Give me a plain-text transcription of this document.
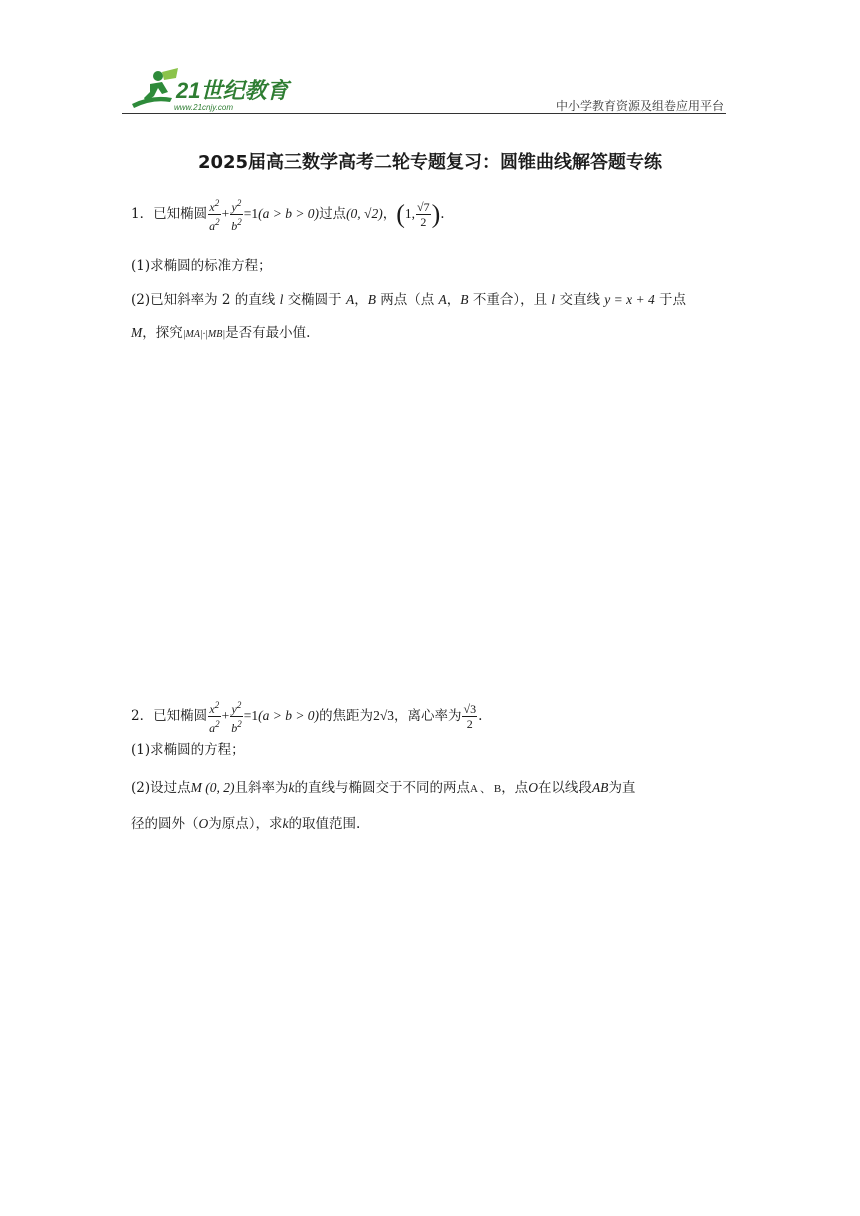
21世纪教育
www.21cnjy.com	中小学教育资源及组卷应用平台
2025届高三数学高考二轮专题复习：圆锥曲线解答题专练
1．已知椭圆 $\frac{x^2}{a^2} + \frac{y^2}{b^2} =1(a > b > 0)$过点(0, √2)，(1, $\frac{√7}{2}$ ).
(1)求椭圆的标准方程；
(2)已知斜率为 2 的直线 l 交椭圆于 A，B 两点（点 A，B 不重合），且 l 交直线 y = x + 4 于点
M，探究|MA|·|MB|是否有最小值.
2．已知椭圆 $\frac{x^2}{a^2} + \frac{y^2}{b^2} =1(a > b > 0)$的焦距为2√3，离心率为 $\frac{√3}{2}$ .
(1)求椭圆的方程；
(2)设过点M (0, 2)且斜率为k的直线与椭圆交于不同的两点A 、 B，点O在以线段AB为直
径的圆外（O为原点），求k的取值范围.
